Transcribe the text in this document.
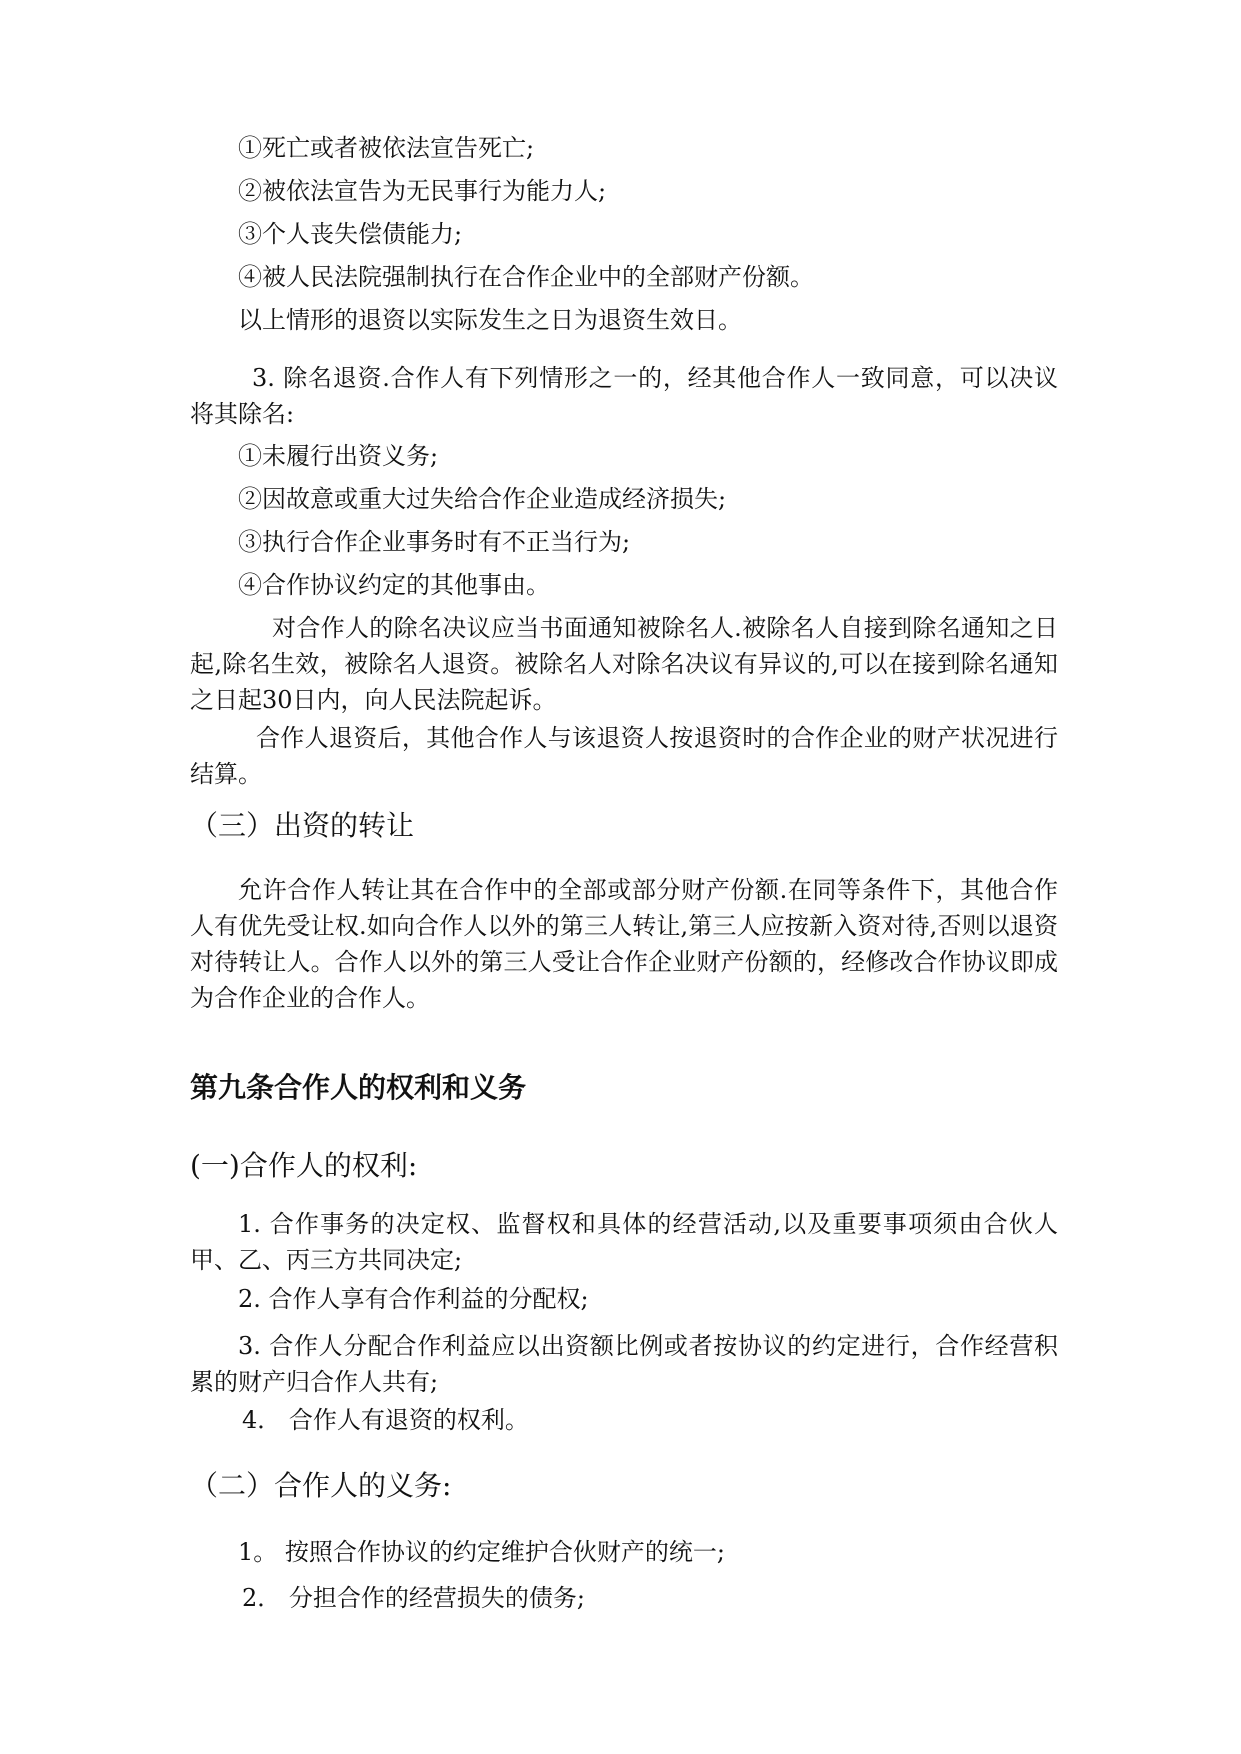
①死亡或者被依法宣告死亡;
②被依法宣告为无民事行为能力人;
③个人丧失偿债能力;
④被人民法院强制执行在合作企业中的全部财产份额。
以上情形的退资以实际发生之日为退资生效日。
3. 除名退资.合作人有下列情形之一的，经其他合作人一致同意，可以决议将其除名:
①未履行出资义务;
②因故意或重大过失给合作企业造成经济损失;
③执行合作企业事务时有不正当行为;
④合作协议约定的其他事由。
对合作人的除名决议应当书面通知被除名人.被除名人自接到除名通知之日起,除名生效，被除名人退资。被除名人对除名决议有异议的,可以在接到除名通知之日起30日内，向人民法院起诉。
合作人退资后，其他合作人与该退资人按退资时的合作企业的财产状况进行结算。
（三）出资的转让
允许合作人转让其在合作中的全部或部分财产份额.在同等条件下，其他合作人有优先受让权.如向合作人以外的第三人转让,第三人应按新入资对待,否则以退资对待转让人。合作人以外的第三人受让合作企业财产份额的，经修改合作协议即成为合作企业的合作人。
第九条合作人的权利和义务
(一)合作人的权利:
1. 合作事务的决定权、监督权和具体的经营活动,以及重要事项须由合伙人甲、乙、丙三方共同决定;
2. 合作人享有合作利益的分配权;
3. 合作人分配合作利益应以出资额比例或者按协议的约定进行，合作经营积累的财产归合作人共有;
4． 合作人有退资的权利。
（二）合作人的义务:
1。 按照合作协议的约定维护合伙财产的统一;
2． 分担合作的经营损失的债务;
